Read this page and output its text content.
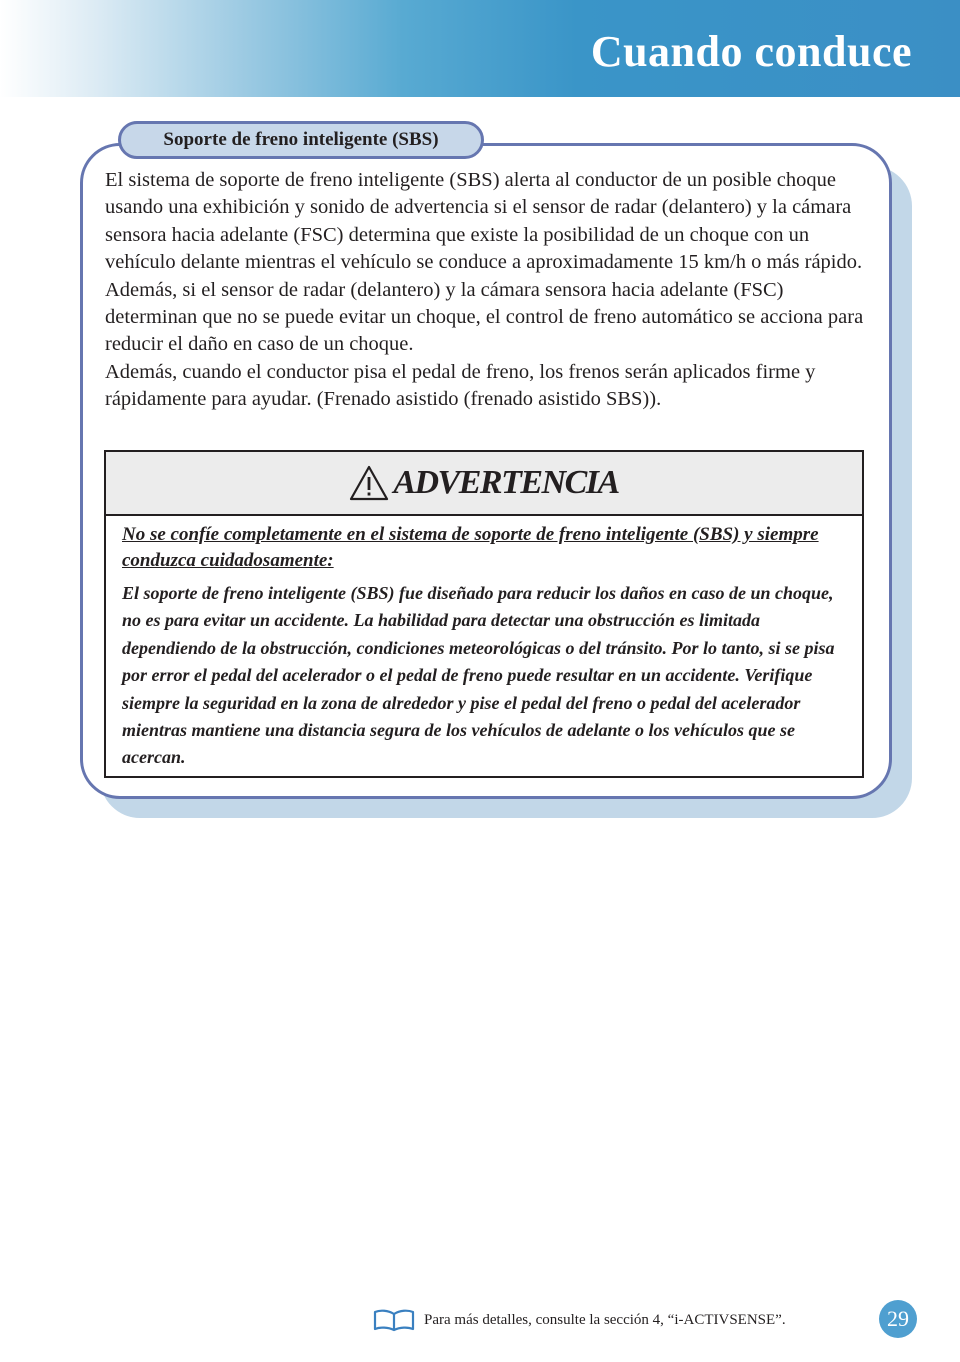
Cuando conduce
Soporte de freno inteligente (SBS)

El sistema de soporte de freno inteligente (SBS) alerta al conductor de un posible choque usando una exhibición y sonido de advertencia si el sensor de radar (delantero) y la cámara sensora hacia adelante (FSC) determina que existe la posibilidad de un choque con un vehículo delante mientras el vehículo se conduce a aproximadamente 15 km/h o más rápido. Además, si el sensor de radar (delantero) y la cámara sensora hacia adelante (FSC) determinan que no se puede evitar un choque, el control de freno automático se acciona para reducir el daño en caso de un choque.

Además, cuando el conductor pisa el pedal de freno, los frenos serán aplicados firme y rápidamente para ayudar. (Frenado asistido (frenado asistido SBS)).

ADVERTENCIA

No se confíe completamente en el sistema de soporte de freno inteligente (SBS) y siempre conduzca cuidadosamente:

El soporte de freno inteligente (SBS) fue diseñado para reducir los daños en caso de un choque, no es para evitar un accidente. La habilidad para detectar una obstrucción es limitada dependiendo de la obstrucción, condiciones meteorológicas o del tránsito. Por lo tanto, si se pisa por error el pedal del acelerador o el pedal de freno puede resultar en un accidente. Verifique siempre la seguridad en la zona de alrededor y pise el pedal del freno o pedal del acelerador mientras mantiene una distancia segura de los vehículos de adelante o los vehículos que se acercan.

Para más detalles, consulte la sección 4, “i-ACTIVSENSE”.	29
